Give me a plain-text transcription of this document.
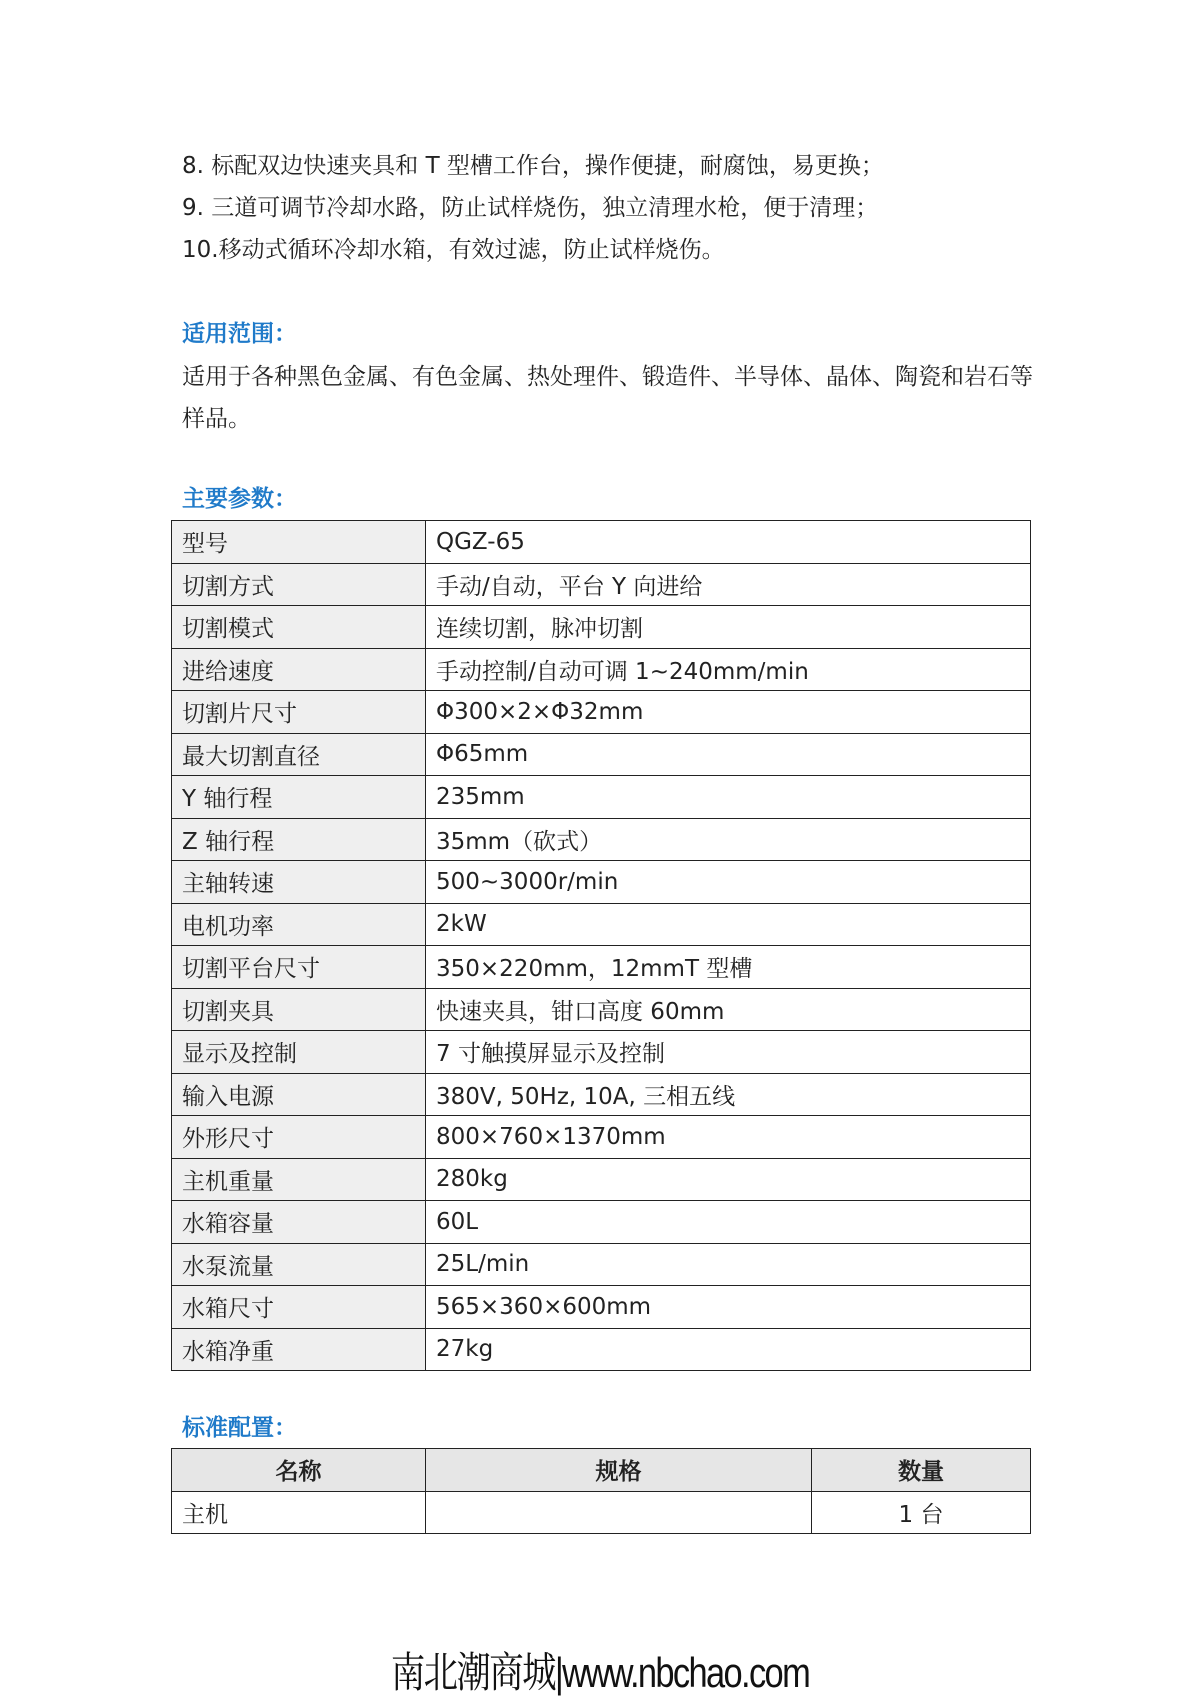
8. 标配双边快速夹具和 T 型槽工作台，操作便捷，耐腐蚀，易更换；
9. 三道可调节冷却水路，防止试样烧伤，独立清理水枪，便于清理；
10.移动式循环冷却水箱，有效过滤，防止试样烧伤。
适用范围：

适用于各种黑色金属、有色金属、热处理件、锻造件、半导体、晶体、陶瓷和岩石等样品。

主要参数：
型号	QGZ-65
切割方式	手动/自动，平台 Y 向进给
切割模式	连续切割，脉冲切割
进给速度	手动控制/自动可调 1~240mm/min
切割片尺寸	Φ300×2×Φ32mm
最大切割直径	Φ65mm
Y 轴行程	235mm
Z 轴行程	35mm（砍式）
主轴转速	500~3000r/min
电机功率	2kW
切割平台尺寸	350×220mm，12mmT 型槽
切割夹具	快速夹具，钳口高度 60mm
显示及控制	7 寸触摸屏显示及控制
输入电源	380V, 50Hz, 10A, 三相五线
外形尺寸	800×760×1370mm
主机重量	280kg
水箱容量	60L
水泵流量	25L/min
水箱尺寸	565×360×600mm
水箱净重	27kg
标准配置：
名称	规格	数量
主机		1 台
南北潮商城|www.nbchao.com
